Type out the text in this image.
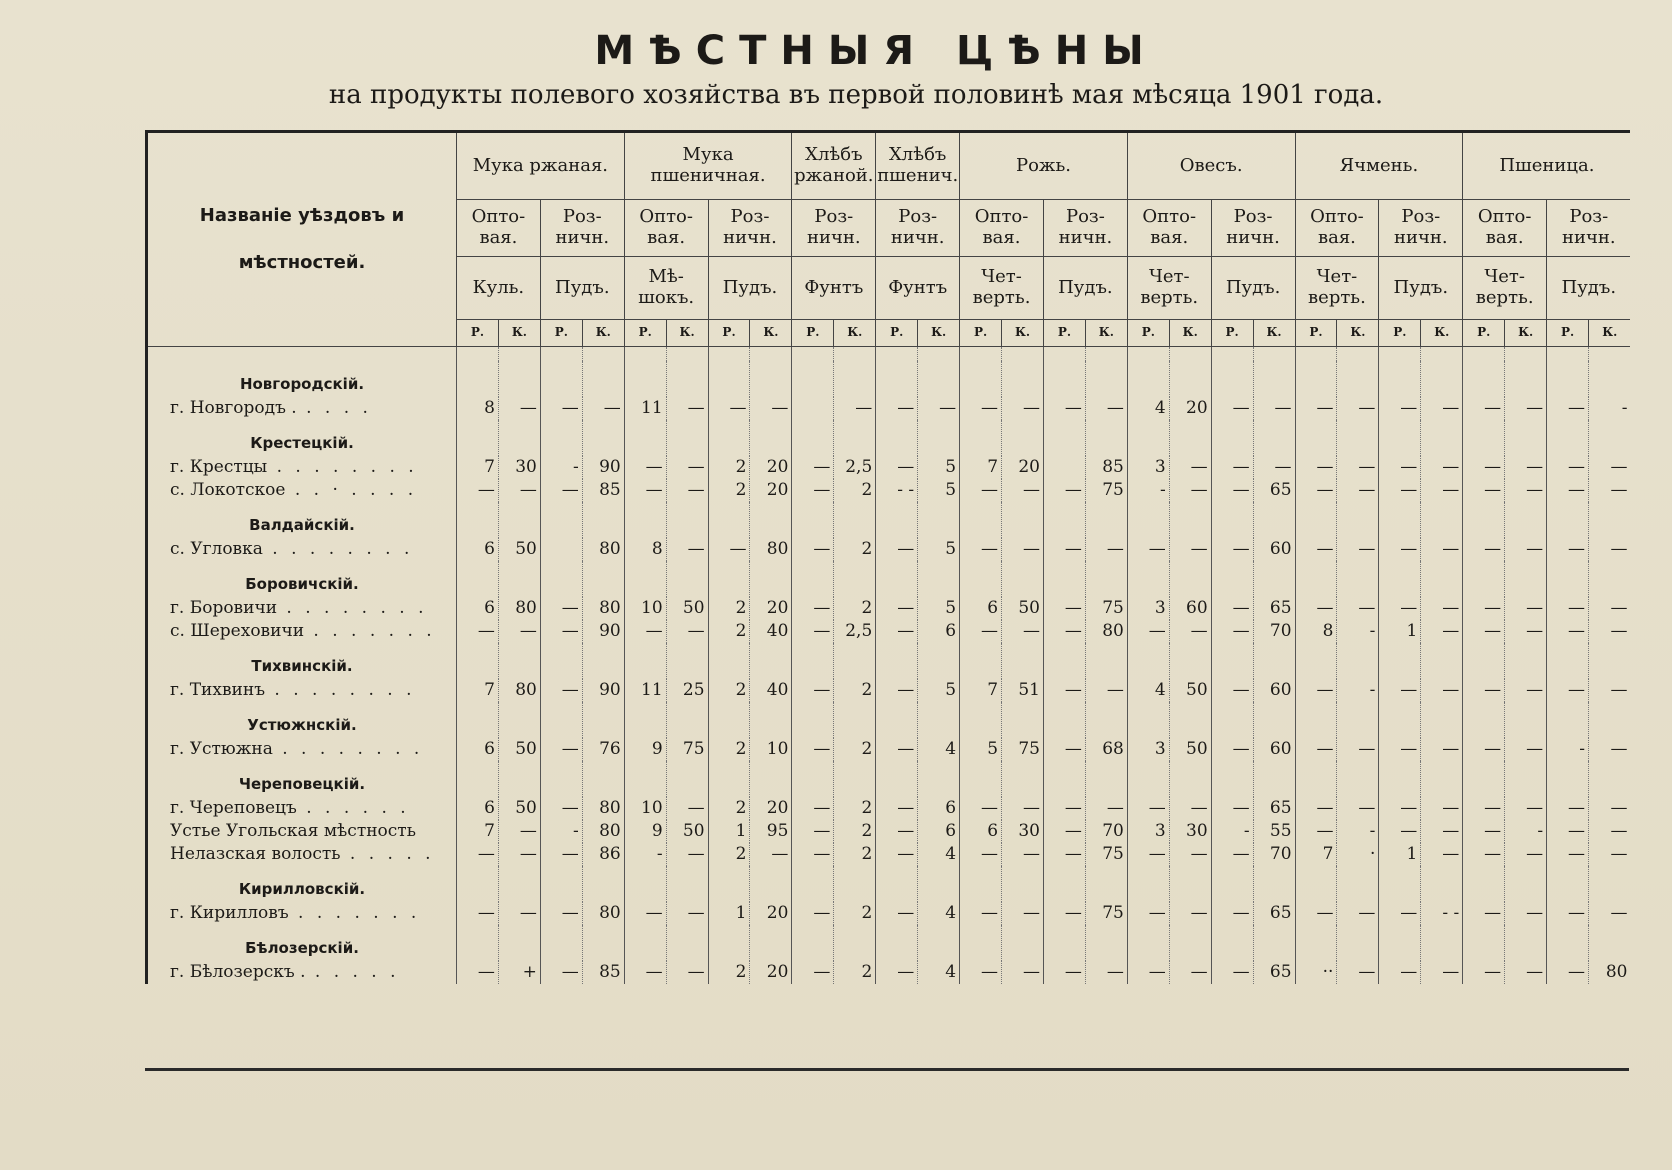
МѢСТНЫЯ ЦѢНЫ
на продукты полевого хозяйства въ первой половинѣ мая мѣсяца 1901 года.
Названіе уѣздовъ и мѣстностей.	Мука ржаная.				Мука пшеничная.				Хлѣбъ ржаной.		Хлѣбъ пшенич.		Рожь.				Овесъ.				Ячмень.				Пшеница.			
	Опто-вая.		Роз-ничн.		Опто-вая.		Роз-ничн.		Роз-ничн.		Роз-ничн.		Опто-вая.		Роз-ничн.		Опто-вая.		Роз-ничн.		Опто-вая.		Роз-ничн.		Опто-вая.		Роз-ничн.	
	Куль.		Пудъ.		Мѣ-шокъ.		Пудъ.		Фунтъ		Фунтъ		Чет-верть.		Пудъ.		Чет-верть.		Пудъ.		Чет-верть.		Пудъ.		Чет-верть.		Пудъ.	
	Р.	К.	Р.	К.	Р.	К.	Р.	К.	Р.	К.	Р.	К.	Р.	К.	Р.	К.	Р.	К.	Р.	К.	Р.	К.	Р.	К.	Р.	К.	Р.	К.

Новгородскій.																												
г. Новгородъ . . . . .	8	—	—	—	11	—	—	—		—	—	—	—	—	—	—	4	20	—	—	—	—	—	—	—	—	—	-
Крестецкій.																												
г. Крестцы . . . . . . . .	7	30	-	90	—	—	2	20	—	2,5	—	5	7	20		85	3	—	—	—	—	—	—	—	—	—	—	—
с. Локотское . . · . . . .	—	—	—	85	—	—	2	20	—	2	- -	5	—	—	—	75	-	—	—	65	—	—	—	—	—	—	—	—
Валдайскій.																												
с. Угловка . . . . . . . .	6	50		80	8	—	—	80	—	2	—	5	—	—	—	—	—	—	—	60	—	—	—	—	—	—	—	—
Боровичскій.																												
г. Боровичи . . . . . . . .	6	80	—	80	10	50	2	20	—	2	—	5	6	50	—	75	3	60	—	65	—	—	—	—	—	—	—	—
с. Шереховичи . . . . . . .	—	—	—	90	—	—	2	40	—	2,5	—	6	—	—	—	80	—	—	—	70	8	-	1	—	—	—	—	—
Тихвинскій.																												
г. Тихвинъ . . . . . . . .	7	80	—	90	11	25	2	40	—	2	—	5	7	51	—	—	4	50	—	60	—	-	—	—	—	—	—	—
Устюжнскій.																												
г. Устюжна . . . . . . . .	6	50	—	76	9	75	2	10	—	2	—	4	5	75	—	68	3	50	—	60	—	—	—	—	—	—	-	—
Череповецкій.																												
г. Череповецъ . . . . . .	6	50	—	80	10	—	2	20	—	2	—	6	—	—	—	—	—	—	—	65	—	—	—	—	—	—	—	—
Устье Угольская мѣстность	7	—	-	80	9	50	1	95	—	2	—	6	6	30	—	70	3	30	-	55	—	-	—	—	—	-	—	—
Нелазская волость . . . . .	—	—	—	86	-	—	2	—	—	2	—	4	—	—	—	75	—	—	—	70	7	·	1	—	—	—	—	—
Кирилловскій.																												
г. Кирилловъ . . . . . . .	—	—	—	80	—	—	1	20	—	2	—	4	—	—	—	75	—	—	—	65	—	—	—	- -	—	—	—	—
Бѣлозерскій.																												
г. Бѣлозерскъ . . . . . .	—	+	—	85	—	—	2	20	—	2	—	4	—	—	—	—	—	—	—	65	··	—	—	—	—	—	—	80
